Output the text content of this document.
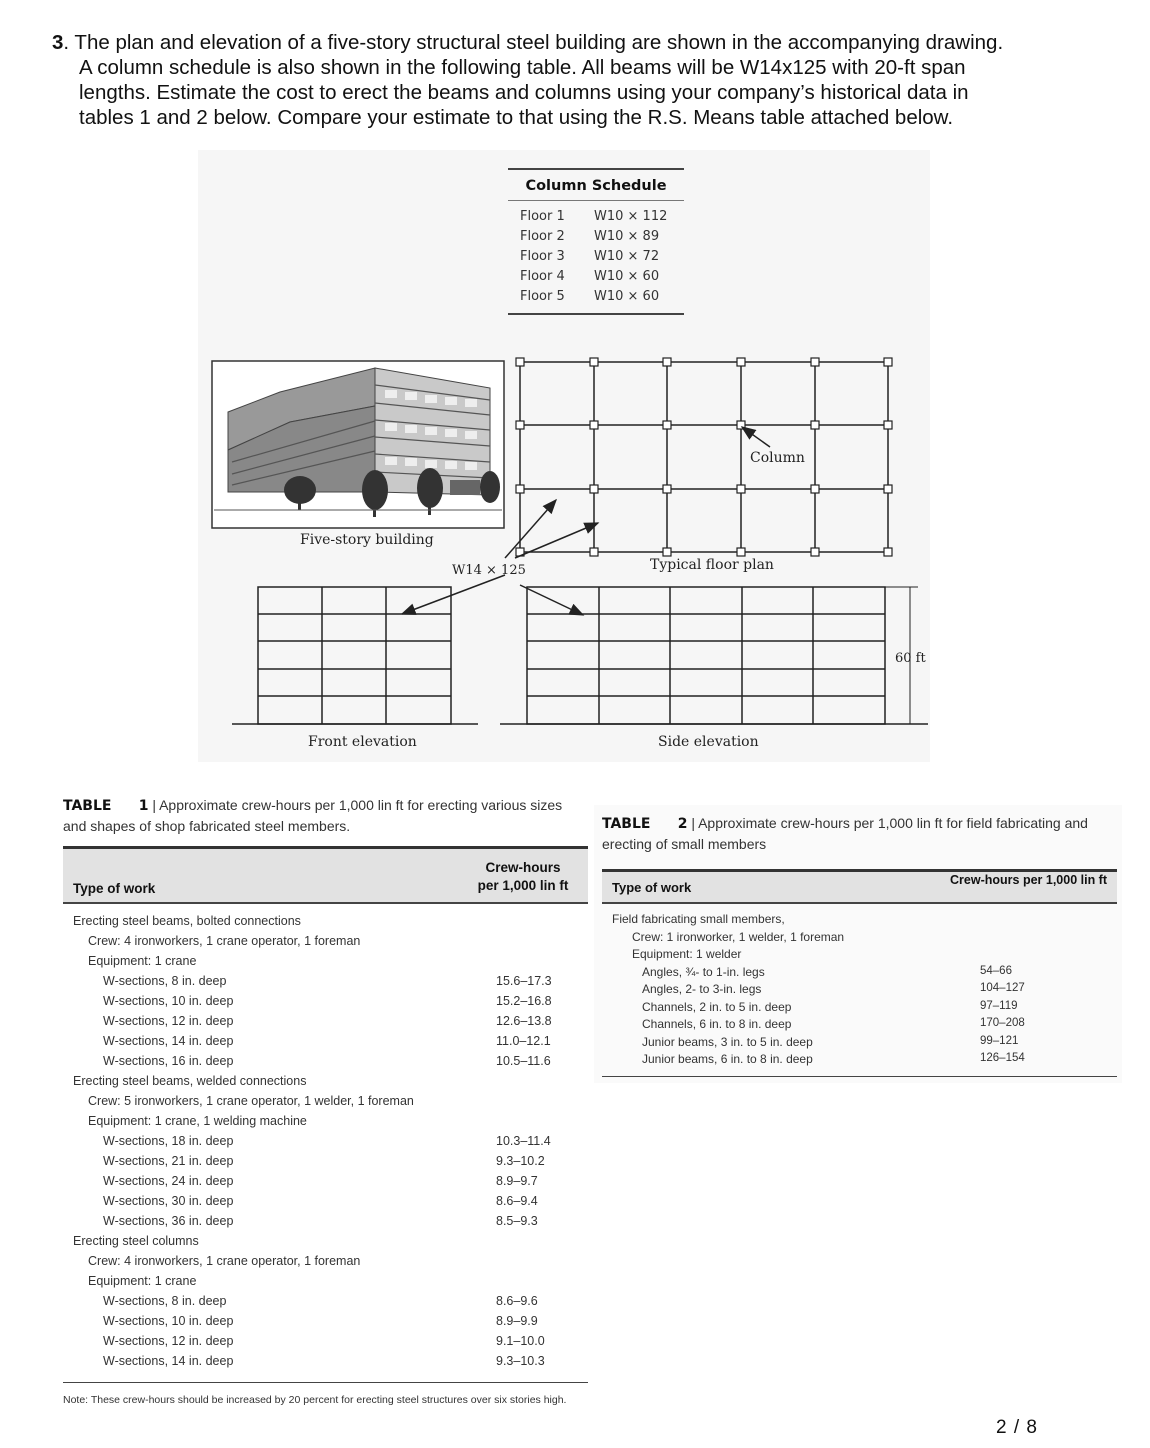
3. The plan and elevation of a five-story structural steel building are shown in the accompanying drawing.
A column schedule is also shown in the following table. All beams will be W14x125 with 20-ft span
lengths. Estimate the cost to erect the beams and columns using your company’s historical data in
tables 1 and 2 below. Compare your estimate to that using the R.S. Means table attached below.
Column Schedule
Floor 1 W10 × 112
Floor 2 W10 × 89
Floor 3 W10 × 72
Floor 4 W10 × 60
Floor 5 W10 × 60
Five-story building
Column
Typical floor plan
W14 × 125
Front elevation
60 ft
Side elevation
TABLE 1 | Approximate crew-hours per 1,000 lin ft for erecting various sizes and shapes of shop fabricated steel members.
Type of work
Crew-hours
per 1,000 lin ft
Erecting steel beams, bolted connections
Crew: 4 ironworkers, 1 crane operator, 1 foreman
Equipment: 1 crane
W-sections, 8 in. deep	15.6–17.3
W-sections, 10 in. deep	15.2–16.8
W-sections, 12 in. deep	12.6–13.8
W-sections, 14 in. deep	11.0–12.1
W-sections, 16 in. deep	10.5–11.6
Erecting steel beams, welded connections
Crew: 5 ironworkers, 1 crane operator, 1 welder, 1 foreman
Equipment: 1 crane, 1 welding machine
W-sections, 18 in. deep	10.3–11.4
W-sections, 21 in. deep	9.3–10.2
W-sections, 24 in. deep	8.9–9.7
W-sections, 30 in. deep	8.6–9.4
W-sections, 36 in. deep	8.5–9.3
Erecting steel columns
Crew: 4 ironworkers, 1 crane operator, 1 foreman
Equipment: 1 crane
W-sections, 8 in. deep	8.6–9.6
W-sections, 10 in. deep	8.9–9.9
W-sections, 12 in. deep	9.1–10.0
W-sections, 14 in. deep	9.3–10.3
Note: These crew-hours should be increased by 20 percent for erecting steel structures over six stories high.
TABLE 2 | Approximate crew-hours per 1,000 lin ft for field fabricating and erecting of small members
Type of work	Crew-hours per 1,000 lin ft
Field fabricating small members,
Crew: 1 ironworker, 1 welder, 1 foreman
Equipment: 1 welder
Angles, ¾- to 1-in. legs	54–66
Angles, 2- to 3-in. legs	104–127
Channels, 2 in. to 5 in. deep	97–119
Channels, 6 in. to 8 in. deep	170–208
Junior beams, 3 in. to 5 in. deep	99–121
Junior beams, 6 in. to 8 in. deep	126–154
2 / 8
